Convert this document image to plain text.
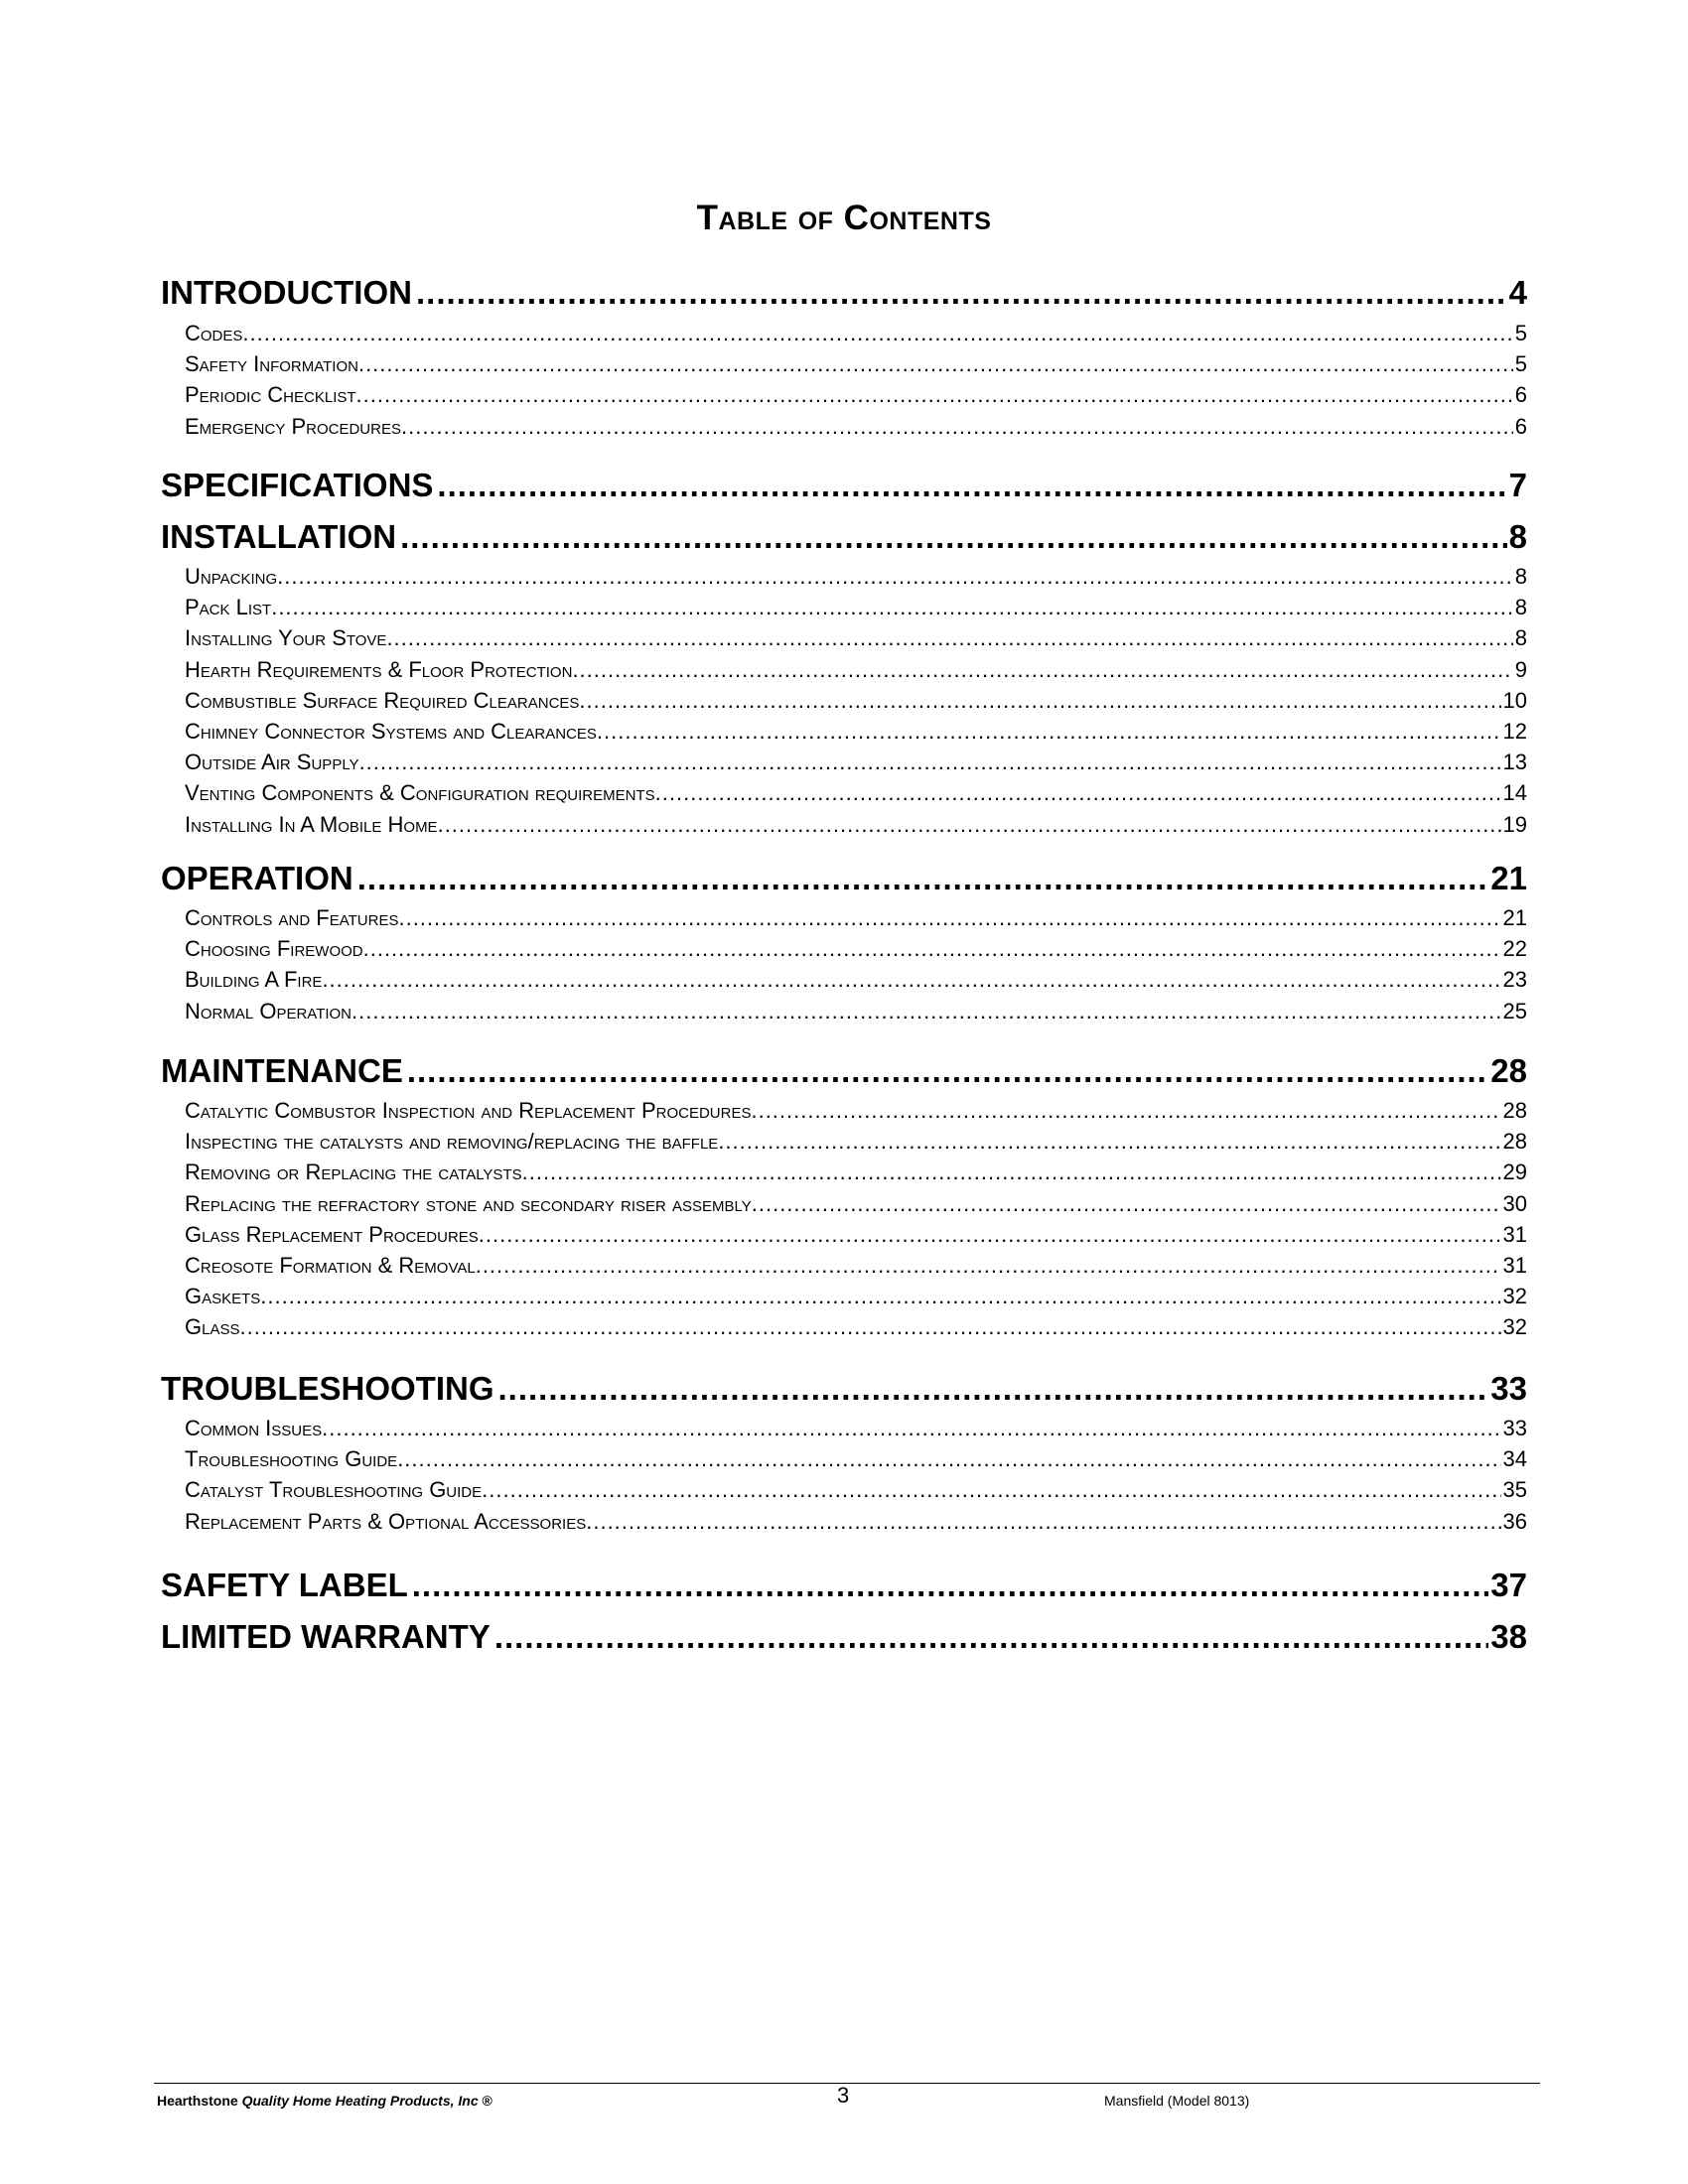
Table of Contents
INTRODUCTION .....	4
Codes .....	5
Safety Information .....	5
Periodic Checklist .....	6
Emergency Procedures .....	6
SPECIFICATIONS .....	7
INSTALLATION .....	8
Unpacking .....	8
Pack List .....	8
Installing Your Stove .....	8
Hearth Requirements & Floor Protection .....	9
Combustible Surface Required Clearances .....	10
Chimney Connector Systems and Clearances .....	12
Outside Air Supply .....	13
Venting Components & Configuration requirements .....	14
Installing In A Mobile Home .....	19
OPERATION .....	21
Controls and Features .....	21
Choosing Firewood .....	22
Building A Fire .....	23
Normal Operation .....	25
MAINTENANCE .....	28
Catalytic Combustor Inspection and Replacement Procedures .....	28
Inspecting the catalysts and removing/replacing the baffle .....	28
Removing or Replacing the catalysts .....	29
Replacing the refractory stone and secondary riser assembly .....	30
Glass Replacement Procedures .....	31
Creosote Formation & Removal .....	31
Gaskets .....	32
Glass .....	32
TROUBLESHOOTING .....	33
Common Issues .....	33
Troubleshooting Guide .....	34
Catalyst Troubleshooting Guide .....	35
Replacement Parts & Optional Accessories .....	36
SAFETY LABEL .....	37
LIMITED WARRANTY .....	38
Hearthstone Quality Home Heating Products, Inc ®	3	Mansfield (Model 8013)
